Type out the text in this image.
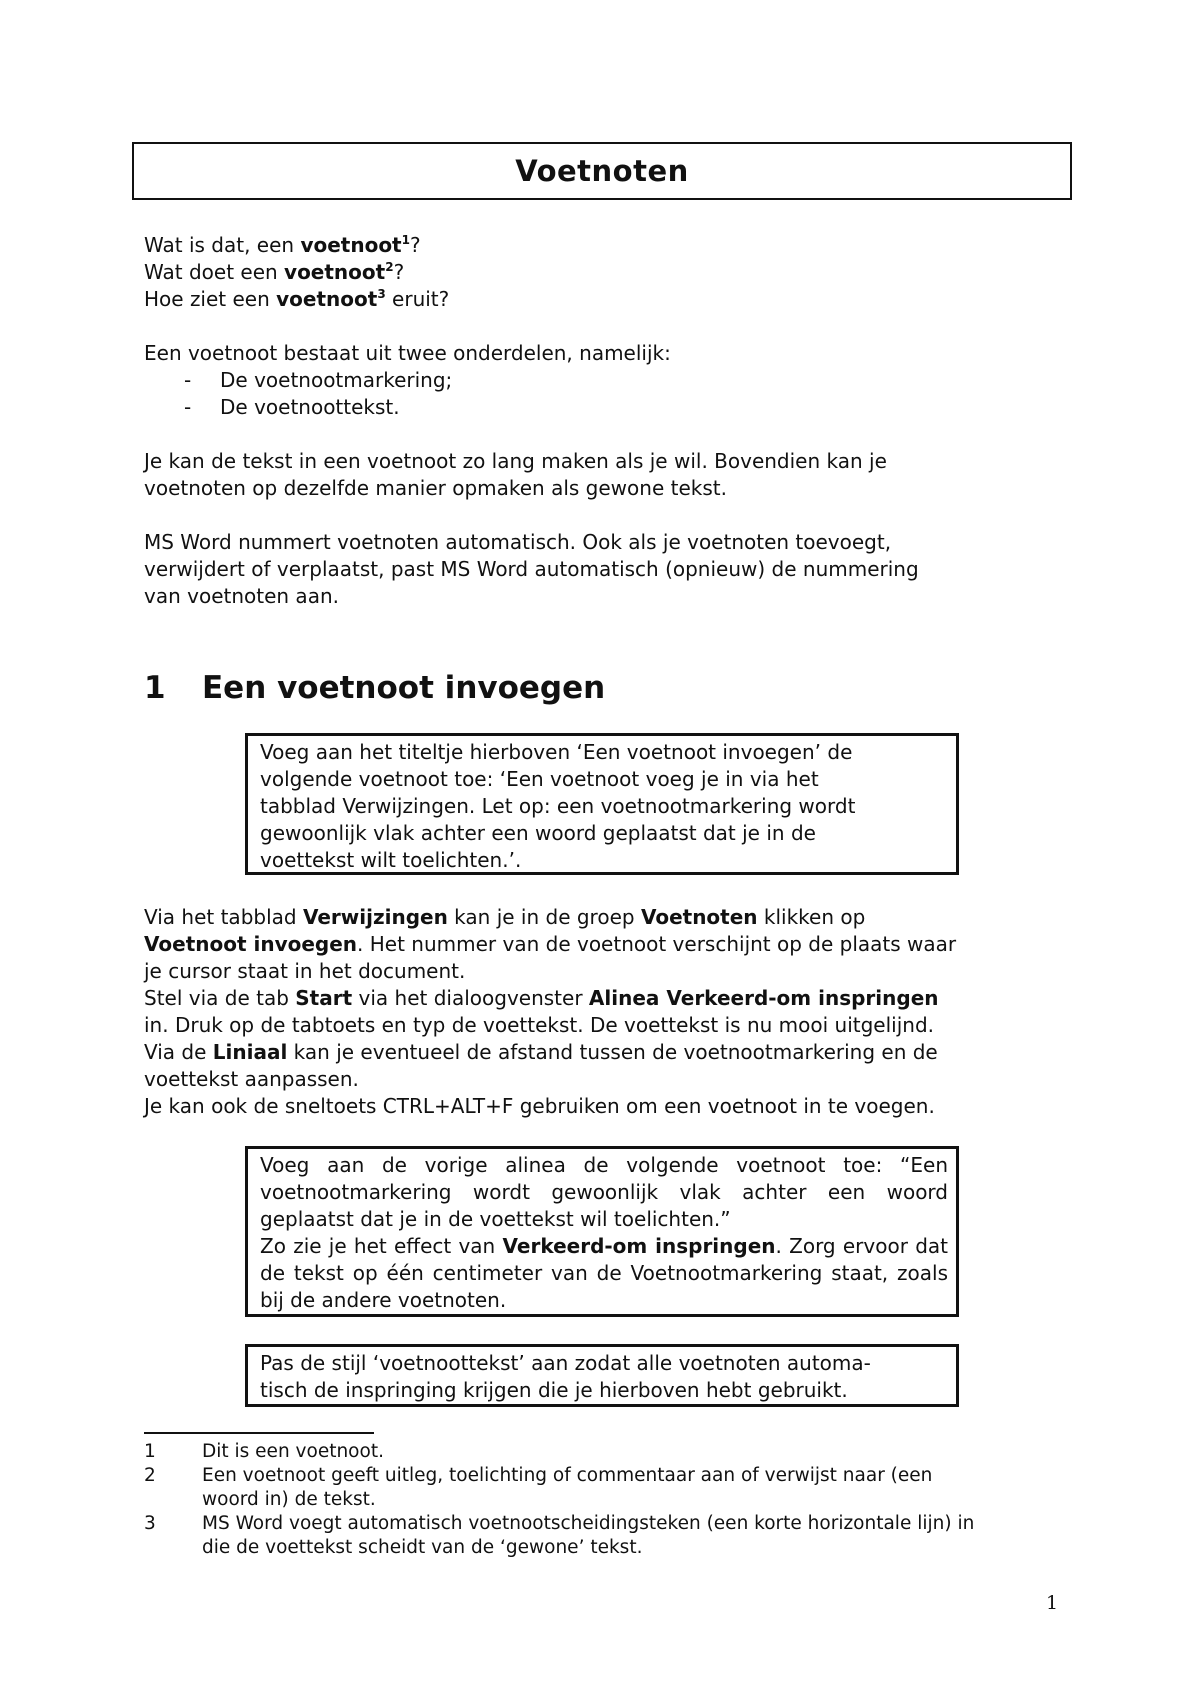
Voetnoten

Wat is dat, een voetnoot$^1$?

Wat doet een voetnoot$^2$?

Hoe ziet een voetnoot$^3$ eruit?

Een voetnoot bestaat uit twee onderdelen, namelijk:

- De voetnootmarkering;
- De voetnoottekst.

Je kan de tekst in een voetnoot zo lang maken als je wil. Bovendien kan je

voetnoten op dezelfde manier opmaken als gewone tekst.

MS Word nummert voetnoten automatisch. Ook als je voetnoten toevoegt,

verwijdert of verplaatst, past MS Word automatisch (opnieuw) de nummering

van voetnoten aan.

1 Een voetnoot invoegen

Voeg aan het titeltje hierboven ‘Een voetnoot invoegen’ de

volgende voetnoot toe: ‘Een voetnoot voeg je in via het

tabblad Verwijzingen. Let op: een voetnootmarkering wordt

gewoonlijk vlak achter een woord geplaatst dat je in de

voettekst wilt toelichten.’.

Via het tabblad Verwijzingen kan je in de groep Voetnoten klikken op

Voetnoot invoegen. Het nummer van de voetnoot verschijnt op de plaats waar

je cursor staat in het document.

Stel via de tab Start via het dialoogvenster Alinea Verkeerd-om inspringen

in. Druk op de tabtoets en typ de voettekst. De voettekst is nu mooi uitgelijnd.

Via de Liniaal kan je eventueel de afstand tussen de voetnootmarkering en de

voettekst aanpassen.

Je kan ook de sneltoets CTRL+ALT+F gebruiken om een voetnoot in te voegen.

Voeg aan de vorige alinea de volgende voetnoot toe: “Een voetnootmarkering wordt gewoonlijk vlak achter een woord geplaatst dat je in de voettekst wil toelichten.”

Zo zie je het effect van Verkeerd-om inspringen. Zorg ervoor dat de tekst op één centimeter van de Voetnootmarkering staat, zoals bij de andere voetnoten.

Pas de stijl ‘voetnoottekst’ aan zodat alle voetnoten automa-

tisch de inspringing krijgen die je hierboven hebt gebruikt.

1 Dit is een voetnoot.
2 Een voetnoot geeft uitleg, toelichting of commentaar aan of verwijst naar (een
woord in) de tekst.
3 MS Word voegt automatisch voetnootscheidingsteken (een korte horizontale lijn) in
die de voettekst scheidt van de ‘gewone’ tekst.
1
